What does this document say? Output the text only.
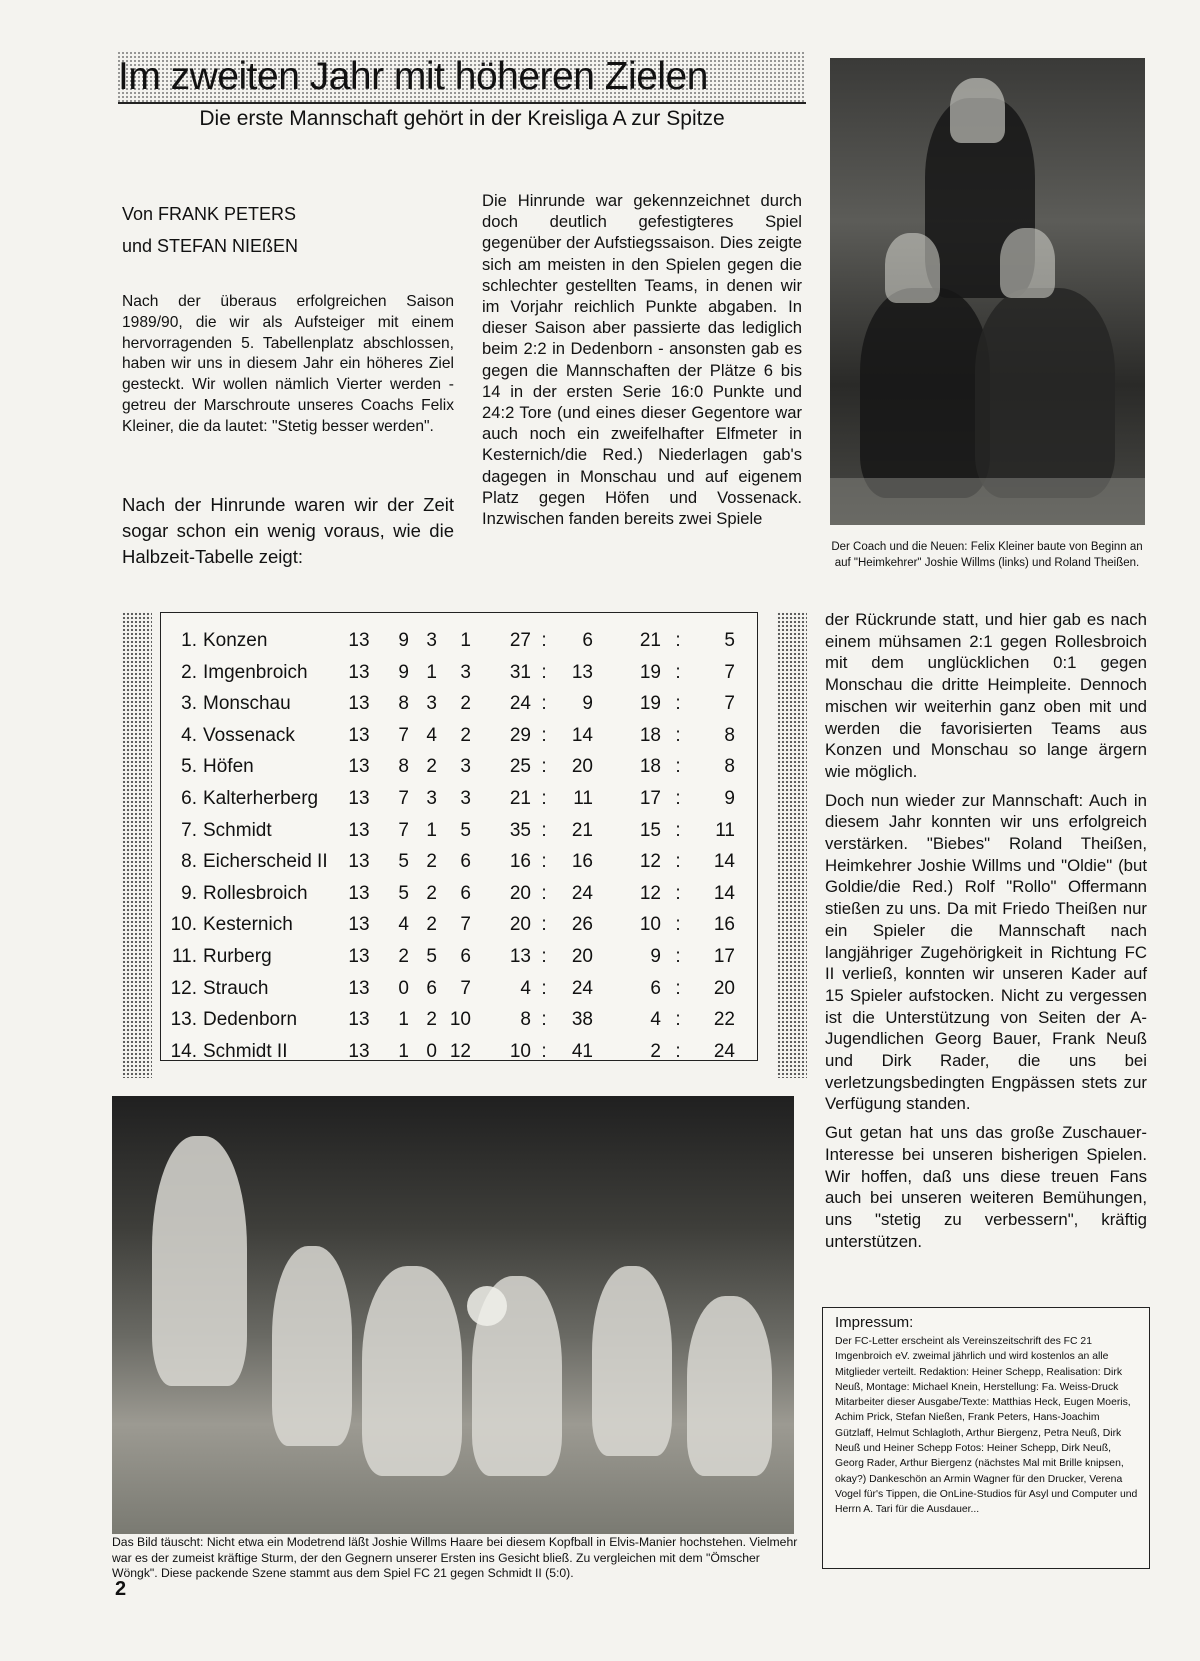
Im zweiten Jahr mit höheren Zielen
Die erste Mannschaft gehört in der Kreisliga A zur Spitze
Von FRANK PETERS
und STEFAN NIEßEN
Nach der überaus erfolgreichen Saison 1989/90, die wir als Aufsteiger mit einem hervorragenden 5. Tabellenplatz abschlossen, haben wir uns in diesem Jahr ein höheres Ziel gesteckt. Wir wollen nämlich Vierter werden - getreu der Marschroute unseres Coachs Felix Kleiner, die da lautet: "Stetig besser werden".
Nach der Hinrunde waren wir der Zeit sogar schon ein wenig voraus, wie die Halbzeit-Tabelle zeigt:
Die Hinrunde war gekennzeichnet durch doch deutlich gefestigteres Spiel gegenüber der Aufstiegssaison. Dies zeigte sich am meisten in den Spielen gegen die schlechter gestellten Teams, in denen wir im Vorjahr reichlich Punkte abgaben. In dieser Saison aber passierte das lediglich beim 2:2 in Dedenborn - ansonsten gab es gegen die Mannschaften der Plätze 6 bis 14 in der ersten Serie 16:0 Punkte und 24:2 Tore (und eines dieser Gegentore war auch noch ein zweifelhafter Elfmeter in Kesternich/die Red.) Niederlagen gab's dagegen in Monschau und auf eigenem Platz gegen Höfen und Vossenack. Inzwischen fanden bereits zwei Spiele
Der Coach und die Neuen: Felix Kleiner baute von Beginn an auf "Heimkehrer" Joshie Willms (links) und Roland Theißen.
1. Konzen	13	9 3	1	27 :	6	21 :	5
2. Imgenbroich	13	9 1	3	31 :	13	19 :	7
3. Monschau	13	8 3	2	24 :	9	19 :	7
4. Vossenack	13	7 4	2	29 :	14	18 :	8
5. Höfen	13	8 2	3	25 :	20	18 :	8
6. Kalterherberg	13	7 3	3	21 :	11	17 :	9
7. Schmidt	13	7 1	5	35 :	21	15 :	11
8. Eicherscheid II	13	5 2	6	16 :	16	12 :	14
9. Rollesbroich	13	5 2	6	20 :	24	12 :	14
10. Kesternich	13	4 2	7	20 :	26	10 :	16
11. Rurberg	13	2 5	6	13 :	20	9 :	17
12. Strauch	13	0 6	7	4 :	24	6 :	20
13. Dedenborn	13	1 2 10	8 :	38	4 :	22
14. Schmidt II	13	1 0 12	10 :	41	2 :	24

der Rückrunde statt, und hier gab es nach einem mühsamen 2:1 gegen Rollesbroich mit dem unglücklichen 0:1 gegen Monschau die dritte Heimpleite. Dennoch mischen wir weiterhin ganz oben mit und werden die favorisierten Teams aus Konzen und Monschau so lange ärgern wie möglich.

Doch nun wieder zur Mannschaft: Auch in diesem Jahr konnten wir uns erfolgreich verstärken. "Biebes" Roland Theißen, Heimkehrer Joshie Willms und "Oldie" (but Goldie/die Red.) Rolf "Rollo" Offermann stießen zu uns. Da mit Friedo Theißen nur ein Spieler die Mannschaft nach langjähriger Zugehörigkeit in Richtung FC II verließ, konnten wir unseren Kader auf 15 Spieler aufstocken. Nicht zu vergessen ist die Unterstützung von Seiten der A-Jugendlichen Georg Bauer, Frank Neuß und Dirk Rader, die uns bei verletzungsbedingten Engpässen stets zur Verfügung standen.

Gut getan hat uns das große Zuschauer-Interesse bei unseren bisherigen Spielen. Wir hoffen, daß uns diese treuen Fans auch bei unseren weiteren Bemühungen, uns "stetig zu verbessern", kräftig unterstützen.

Das Bild täuscht: Nicht etwa ein Modetrend läßt Joshie Willms Haare bei diesem Kopfball in Elvis-Manier hochstehen. Vielmehr war es der zumeist kräftige Sturm, der den Gegnern unserer Ersten ins Gesicht bließ. Zu vergleichen mit dem "Ömscher Wöngk". Diese packende Szene stammt aus dem Spiel FC 21 gegen Schmidt II (5:0).
Impressum:
Der FC-Letter erscheint als Vereinszeitschrift des FC 21 Imgenbroich eV. zweimal jährlich und wird kostenlos an alle Mitglieder verteilt. Redaktion: Heiner Schepp, Realisation: Dirk Neuß, Montage: Michael Knein, Herstellung: Fa. Weiss-Druck Mitarbeiter dieser Ausgabe/Texte: Matthias Heck, Eugen Moeris, Achim Prick, Stefan Nießen, Frank Peters, Hans-Joachim Gützlaff, Helmut Schlagloth, Arthur Biergenz, Petra Neuß, Dirk Neuß und Heiner Schepp Fotos: Heiner Schepp, Dirk Neuß, Georg Rader, Arthur Biergenz (nächstes Mal mit Brille knipsen, okay?) Dankeschön an Armin Wagner für den Drucker, Verena Vogel für's Tippen, die OnLine-Studios für Asyl und Computer und Herrn A. Tari für die Ausdauer...
2
